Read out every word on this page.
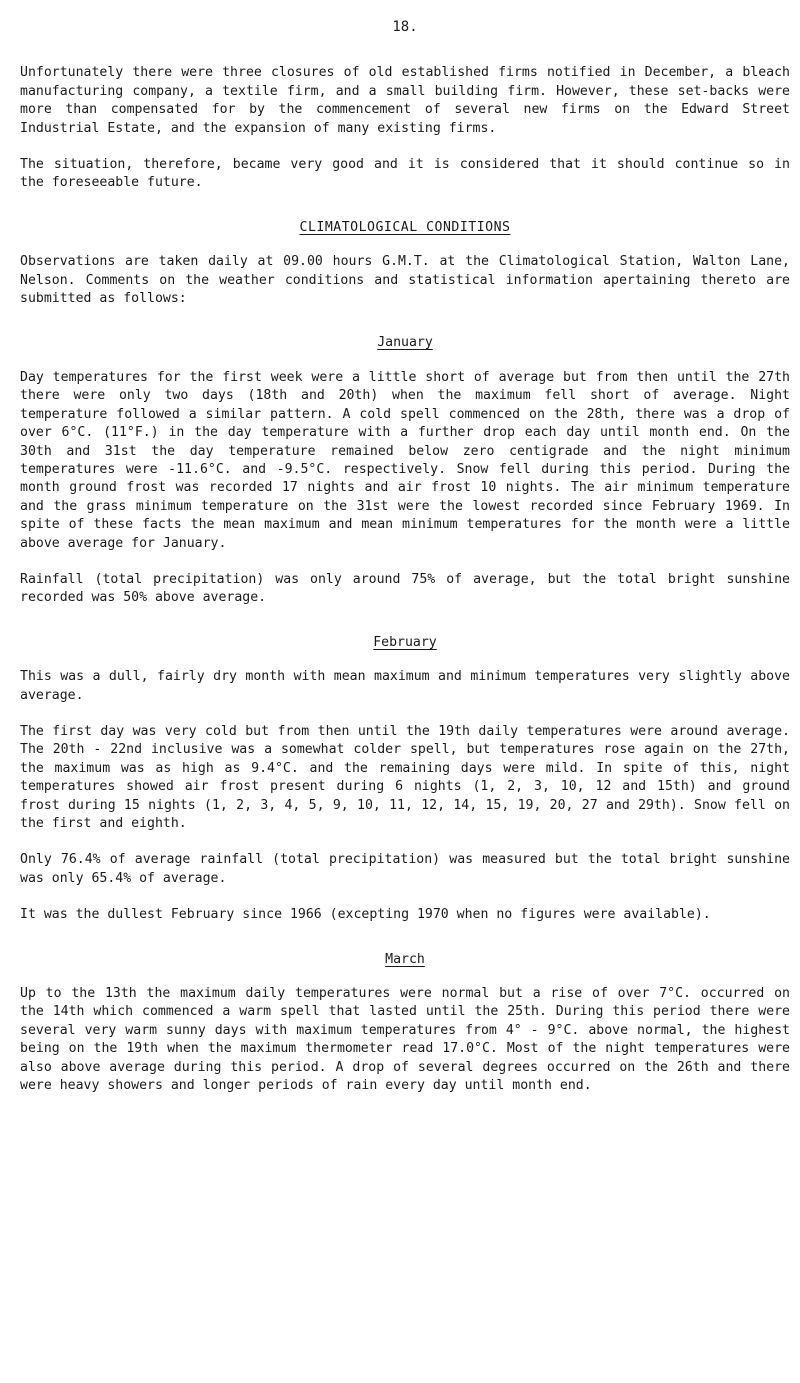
18.

Unfortunately there were three closures of old established firms notified in December, a bleach manufacturing company, a textile firm, and a small building firm. However, these set-backs were more than compensated for by the commencement of several new firms on the Edward Street Industrial Estate, and the expansion of many existing firms.

The situation, therefore, became very good and it is considered that it should continue so in the foreseeable future.

CLIMATOLOGICAL CONDITIONS

Observations are taken daily at 09.00 hours G.M.T. at the Climatological Station, Walton Lane, Nelson. Comments on the weather conditions and statistical information apertaining thereto are submitted as follows:

January

Day temperatures for the first week were a little short of average but from then until the 27th there were only two days (18th and 20th) when the maximum fell short of average. Night temperature followed a similar pattern. A cold spell commenced on the 28th, there was a drop of over 6°C. (11°F.) in the day temperature with a further drop each day until month end. On the 30th and 31st the day temperature remained below zero centigrade and the night minimum temperatures were -11.6°C. and -9.5°C. respectively. Snow fell during this period. During the month ground frost was recorded 17 nights and air frost 10 nights. The air minimum temperature and the grass minimum temperature on the 31st were the lowest recorded since February 1969. In spite of these facts the mean maximum and mean minimum temperatures for the month were a little above average for January.

Rainfall (total precipitation) was only around 75% of average, but the total bright sunshine recorded was 50% above average.

February

This was a dull, fairly dry month with mean maximum and minimum temperatures very slightly above average.

The first day was very cold but from then until the 19th daily temperatures were around average. The 20th - 22nd inclusive was a somewhat colder spell, but temperatures rose again on the 27th, the maximum was as high as 9.4°C. and the remaining days were mild. In spite of this, night temperatures showed air frost present during 6 nights (1, 2, 3, 10, 12 and 15th) and ground frost during 15 nights (1, 2, 3, 4, 5, 9, 10, 11, 12, 14, 15, 19, 20, 27 and 29th). Snow fell on the first and eighth.

Only 76.4% of average rainfall (total precipitation) was measured but the total bright sunshine was only 65.4% of average.

It was the dullest February since 1966 (excepting 1970 when no figures were available).

March

Up to the 13th the maximum daily temperatures were normal but a rise of over 7°C. occurred on the 14th which commenced a warm spell that lasted until the 25th. During this period there were several very warm sunny days with maximum temperatures from 4° - 9°C. above normal, the highest being on the 19th when the maximum thermometer read 17.0°C. Most of the night temperatures were also above average during this period. A drop of several degrees occurred on the 26th and there were heavy showers and longer periods of rain every day until month end.
